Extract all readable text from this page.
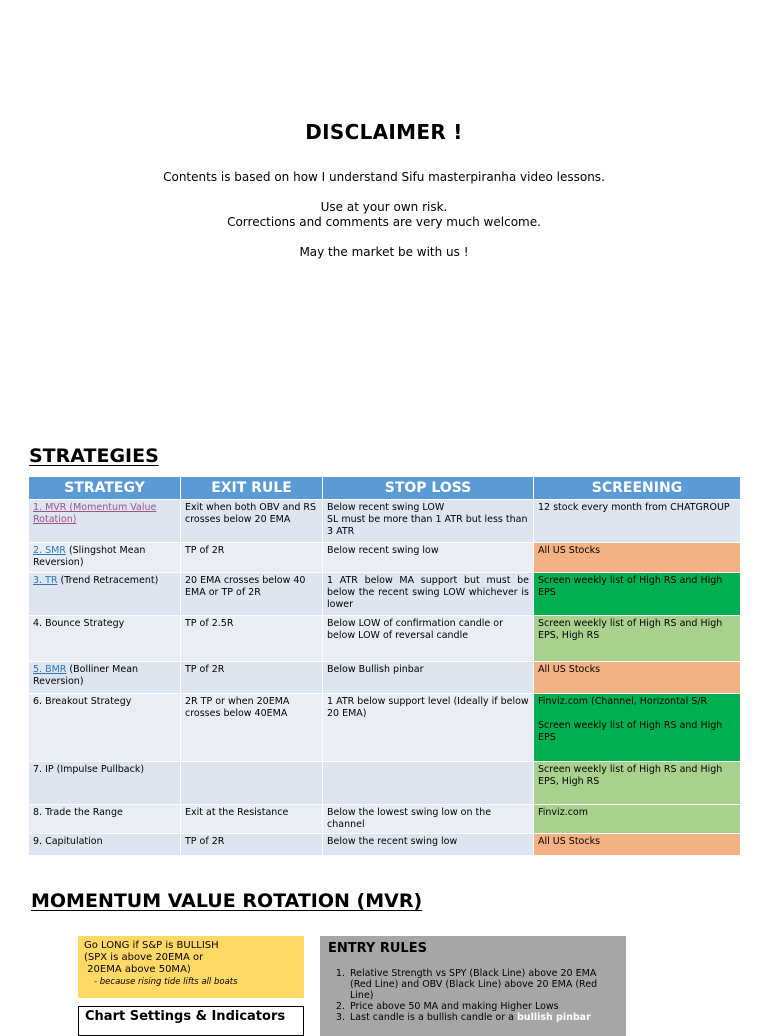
DISCLAIMER !

Contents is based on how I understand Sifu masterpiranha video lessons.

Use at your own risk.

Corrections and comments are very much welcome.

May the market be with us !

STRATEGIES
STRATEGY	EXIT RULE	STOP LOSS	SCREENING
1. MVR (Momentum Value Rotation)	Exit when both OBV and RS crosses below 20 EMA	Below recent swing LOW
SL must be more than 1 ATR but less than 3 ATR	12 stock every month from CHATGROUP
2. SMR (Slingshot Mean Reversion)	TP of 2R	Below recent swing low	All US Stocks
3. TR (Trend Retracement)	20 EMA crosses below 40 EMA or TP of 2R	1 ATR below MA support but must be below the recent swing LOW whichever is lower	Screen weekly list of High RS and High EPS
4. Bounce Strategy	TP of 2.5R	Below LOW of confirmation candle or below LOW of reversal candle	Screen weekly list of High RS and High EPS, High RS
5. BMR (Bolliner Mean Reversion)	TP of 2R	Below Bullish pinbar	All US Stocks
6. Breakout Strategy	2R TP or when 20EMA crosses below 40EMA	1 ATR below support level (Ideally if below 20 EMA)	Finviz.com (Channel, Horizontal S/R
Screen weekly list of High RS and High EPS

7. IP (Impulse Pullback)			Screen weekly list of High RS and High EPS, High RS
8. Trade the Range	Exit at the Resistance	Below the lowest swing low on the channel	Finviz.com
9. Capitulation	TP of 2R	Below the recent swing low	All US Stocks
MOMENTUM VALUE ROTATION (MVR)
Go LONG if S&P is BULLISH
(SPX is above 20EMA or
20EMA above 50MA)
- because rising tide lifts all boats
Chart Settings & Indicators
ENTRY RULES
1. Relative Strength vs SPY (Black Line) above 20 EMA (Red Line) and OBV (Black Line) above 20 EMA (Red Line)
2. Price above 50 MA and making Higher Lows
3. Last candle is a bullish candle or a bullish pinbar
